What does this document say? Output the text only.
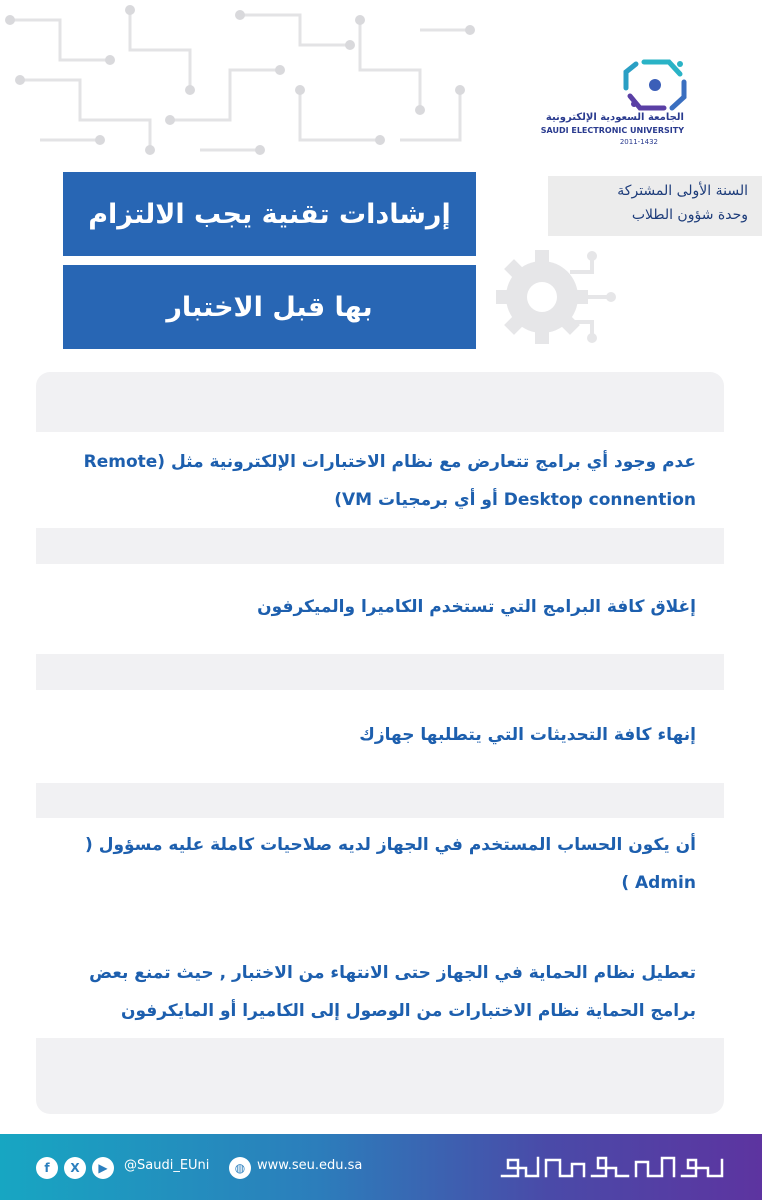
الجامعة السعودية الإلكترونية
SAUDI ELECTRONIC UNIVERSITY
2011-1432
السنة الأولى المشتركة
وحدة شؤون الطلاب
إرشادات تقنية يجب الالتزام
بها قبل الاختبار
عدم وجود أي برامج تتعارض مع نظام الاختبارات الإلكترونية مثل (Remote Desktop connention أو أي برمجيات VM)
إغلاق كافة البرامج التي تستخدم الكاميرا والميكرفون
إنهاء كافة التحديثات التي يتطلبها جهازك
أن يكون الحساب المستخدم في الجهاز لديه صلاحيات كاملة عليه مسؤول ( Admin )
تعطيل نظام الحماية في الجهاز حتى الانتهاء من الاختبار , حيث تمنع بعض برامج الحماية نظام الاختبارات من الوصول إلى الكاميرا أو المايكرفون
f	X	▶	@Saudi_EUni	◍ www.seu.edu.sa
